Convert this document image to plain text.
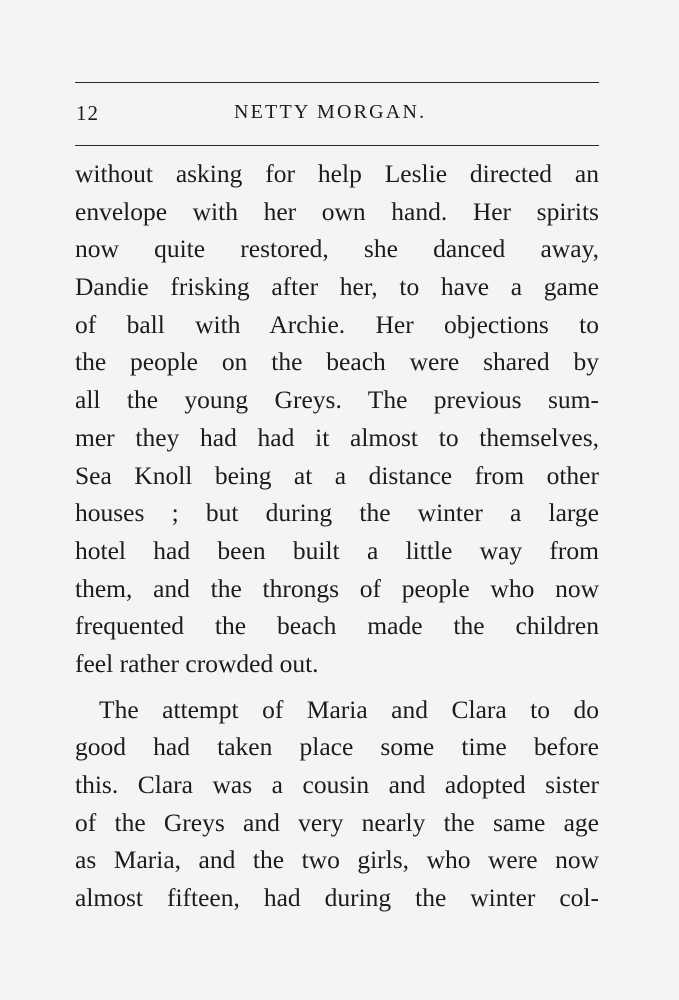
12	NETTY MORGAN.
without asking for help Leslie directed an
envelope with her own hand. Her spirits
now quite restored, she danced away,
Dandie frisking after her, to have a game
of ball with Archie. Her objections to
the people on the beach were shared by
all the young Greys. The previous sum-
mer they had had it almost to themselves,
Sea Knoll being at a distance from other
houses ; but during the winter a large
hotel had been built a little way from
them, and the throngs of people who now
frequented the beach made the children
feel rather crowded out.
The attempt of Maria and Clara to do
good had taken place some time before
this. Clara was a cousin and adopted sister
of the Greys and very nearly the same age
as Maria, and the two girls, who were now
almost fifteen, had during the winter col-
